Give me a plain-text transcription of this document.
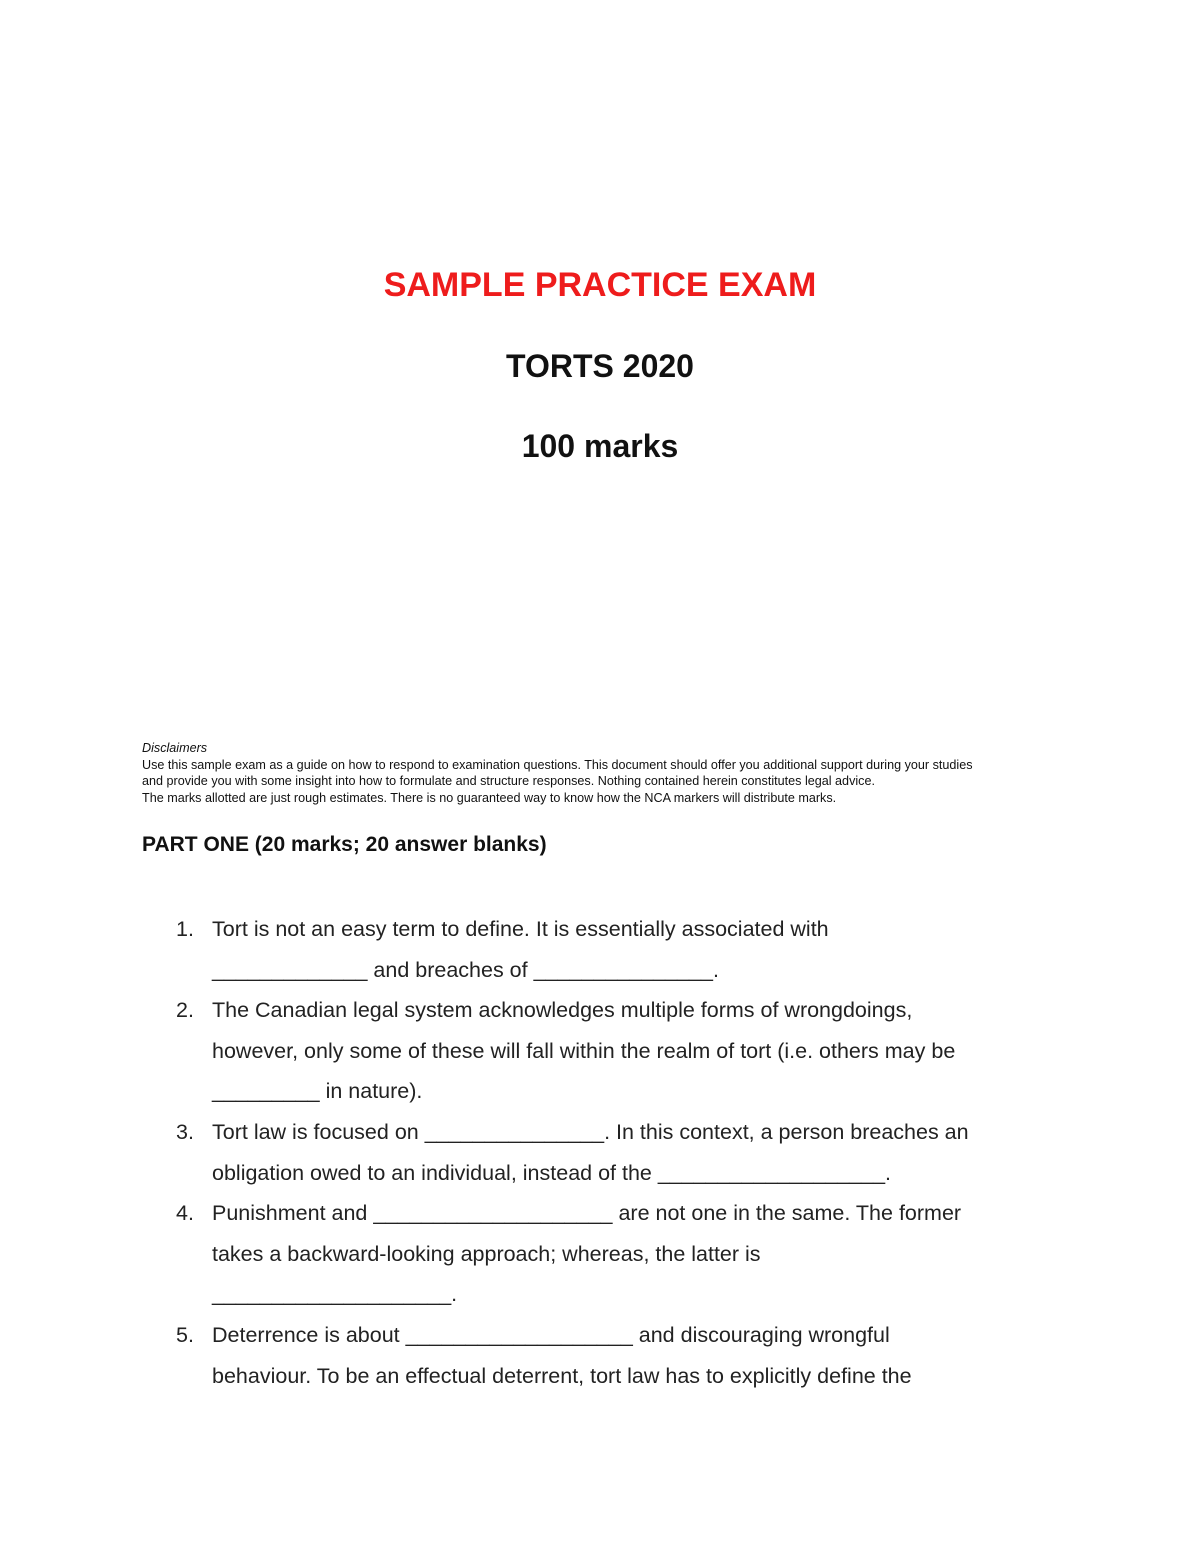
SAMPLE PRACTICE EXAM
TORTS 2020
100 marks
Disclaimers
Use this sample exam as a guide on how to respond to examination questions. This document should offer you additional support during your studies
and provide you with some insight into how to formulate and structure responses. Nothing contained herein constitutes legal advice.
The marks allotted are just rough estimates. There is no guaranteed way to know how the NCA markers will distribute marks.
PART ONE (20 marks; 20 answer blanks)
1. Tort is not an easy term to define. It is essentially associated with
_____________ and breaches of _______________.
2. The Canadian legal system acknowledges multiple forms of wrongdoings,
however, only some of these will fall within the realm of tort (i.e. others may be
_________ in nature).
3. Tort law is focused on _______________. In this context, a person breaches an
obligation owed to an individual, instead of the ___________________.
4. Punishment and ____________________ are not one in the same. The former
takes a backward-looking approach; whereas, the latter is
____________________.
5. Deterrence is about ___________________ and discouraging wrongful
behaviour. To be an effectual deterrent, tort law has to explicitly define the
